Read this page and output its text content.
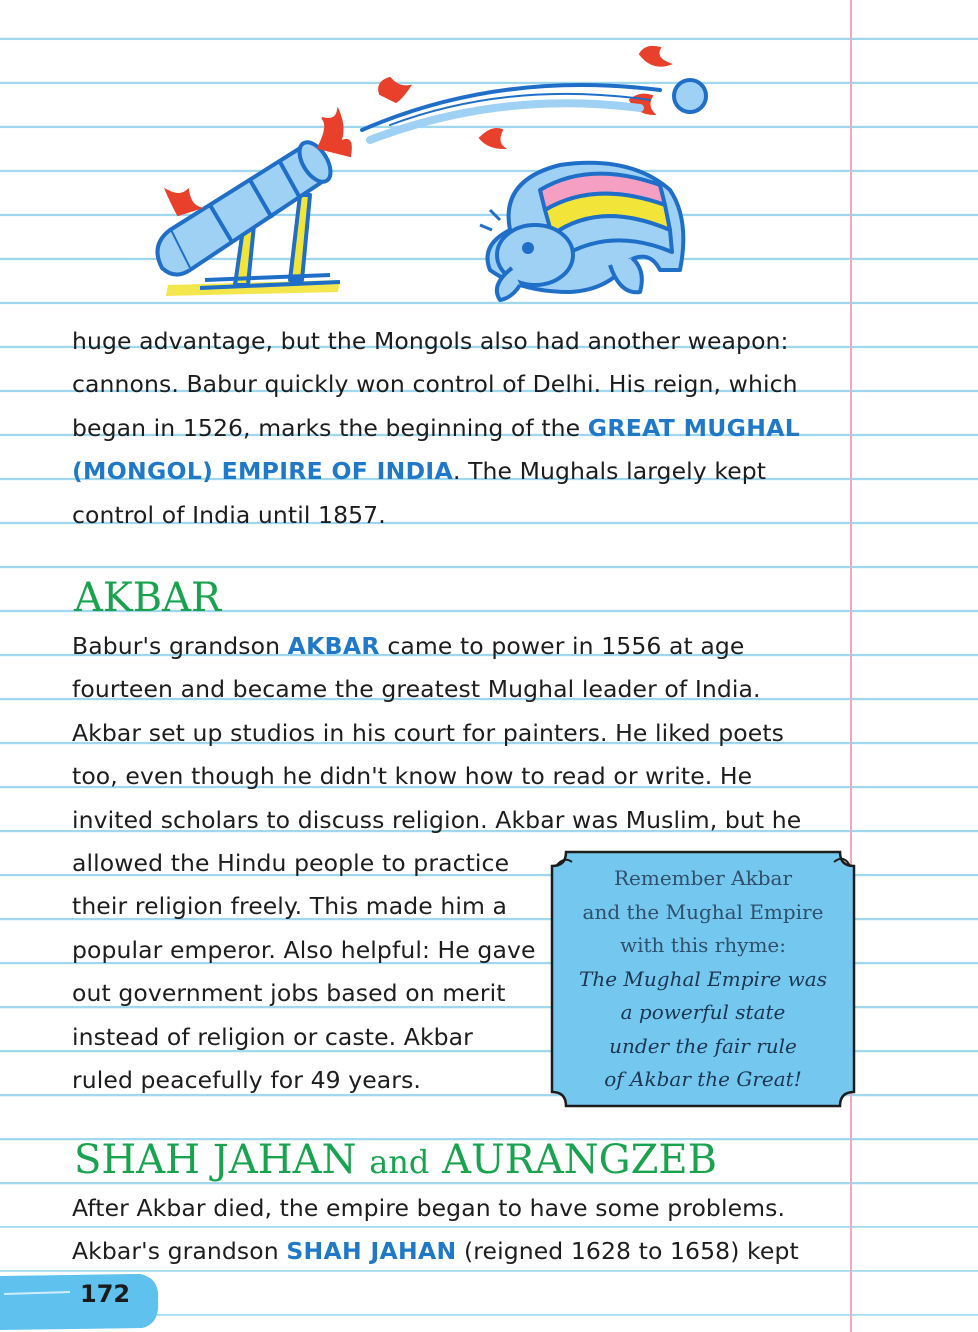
huge advantage, but the Mongols also had another weapon: cannons. Babur quickly won control of Delhi. His reign, which began in 1526, marks the beginning of the GREAT MUGHAL (MONGOL) EMPIRE OF INDIA. The Mughals largely kept control of India until 1857.

AKBAR

Babur's grandson AKBAR came to power in 1556 at age fourteen and became the greatest Mughal leader of India. Akbar set up studios in his court for painters. He liked poets too, even though he didn't know how to read or write. He invited scholars to discuss religion. Akbar was Muslim, but he

allowed the Hindu people to practice their religion freely. This made him a popular emperor. Also helpful: He gave out government jobs based on merit instead of religion or caste. Akbar ruled peacefully for 49 years.

Remember Akbar
and the Mughal Empire
with this rhyme:
The Mughal Empire was
a powerful state
under the fair rule
of Akbar the Great!
SHAH JAHAN and AURANGZEB

After Akbar died, the empire began to have some problems. Akbar's grandson SHAH JAHAN (reigned 1628 to 1658) kept

172
